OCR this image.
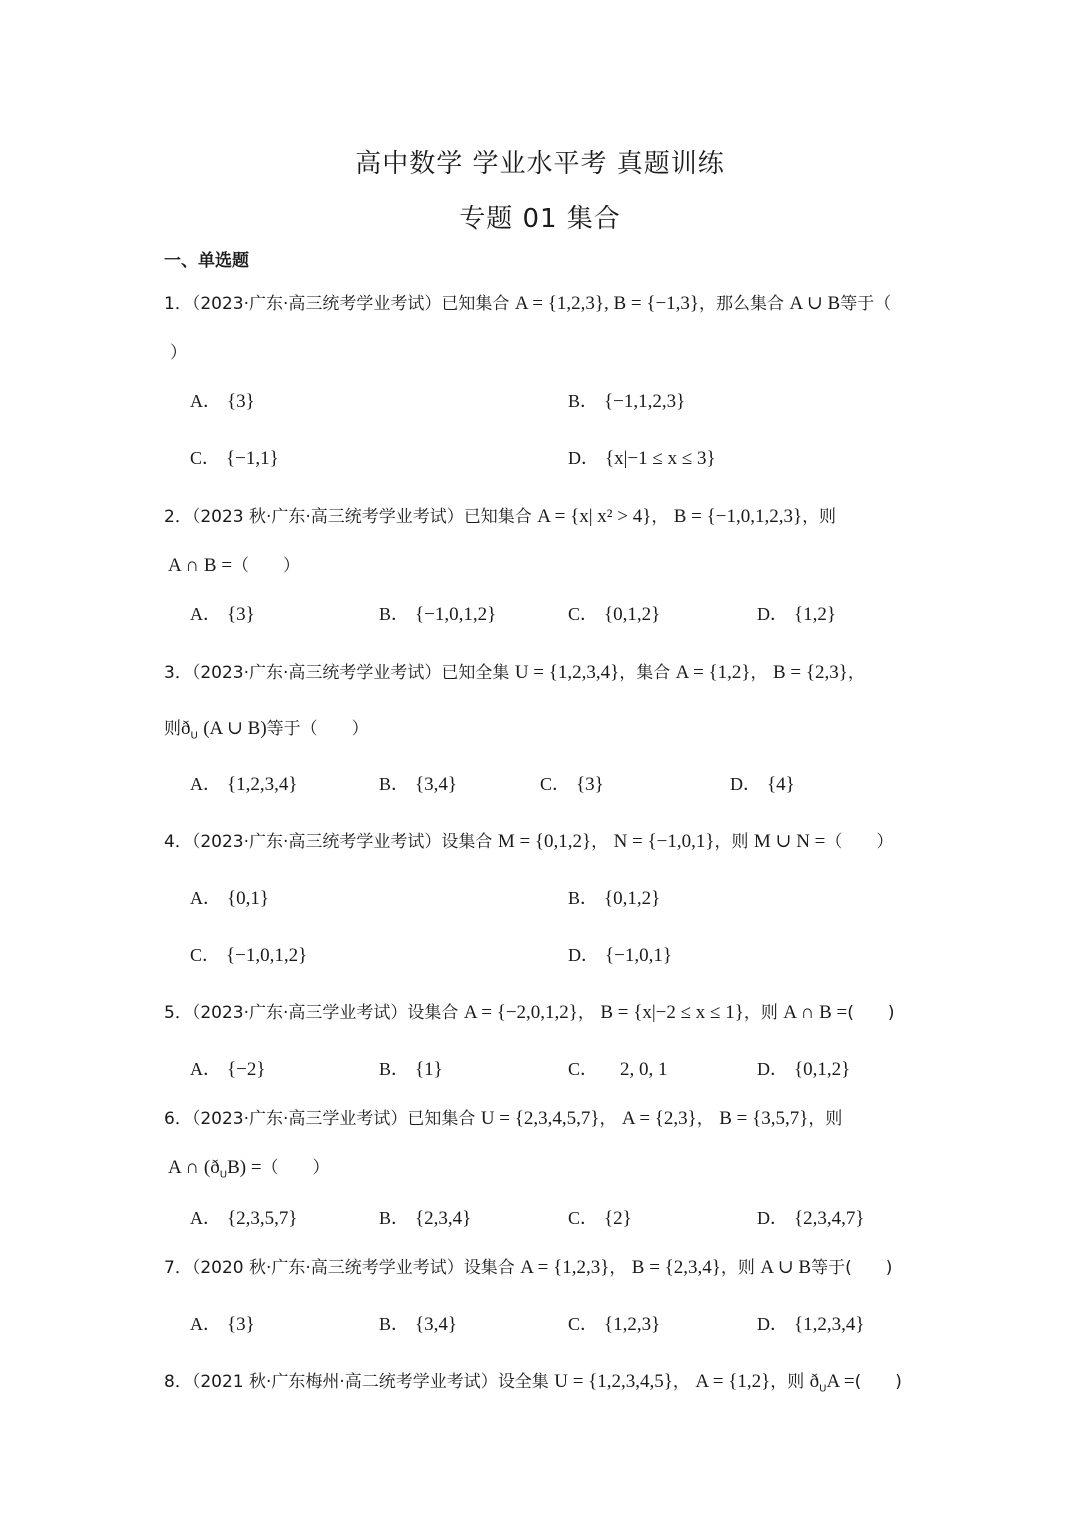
高中数学 学业水平考 真题训练
专题 01 集合
一、单选题
1．（2023·广东·高三统考学业考试）已知集合 A = {1,2,3}, B = {−1,3}，那么集合 A ∪ B等于（
）
A． {3}	B． {−1,1,2,3}
C． {−1,1}	D． {x|−1 ≤ x ≤ 3}
2．（2023 秋·广东·高三统考学业考试）已知集合 A = {x| x² > 4}， B = {−1,0,1,2,3}，则
A ∩ B =（　　）
A． {3}	B． {−1,0,1,2}	C． {0,1,2}	D． {1,2}
3．（2023·广东·高三统考学业考试）已知全集 U = {1,2,3,4}，集合 A = {1,2}， B = {2,3}，
则$ð_U$ (A ∪ B)等于（　　）
A． {1,2,3,4}	B． {3,4}	C． {3}	D． {4}
4．（2023·广东·高三统考学业考试）设集合 M = {0,1,2}， N = {−1,0,1}，则 M ∪ N =（　　）
A． {0,1}	B． {0,1,2}
C． {−1,0,1,2}	D． {−1,0,1}
5．（2023·广东·高三学业考试）设集合 A = {−2,0,1,2}， B = {x|−2 ≤ x ≤ 1}，则 A ∩ B =(　　)
A． {−2}	B． {1}	C． 2, 0, 1	D． {0,1,2}
6．（2023·广东·高三学业考试）已知集合 U = {2,3,4,5,7}， A = {2,3}， B = {3,5,7}，则
A ∩ $(ð_UB)$ =（　　）
A． {2,3,5,7}	B． {2,3,4}	C． {2}	D． {2,3,4,7}
7．（2020 秋·广东·高三统考学业考试）设集合 A = {1,2,3}， B = {2,3,4}，则 A ∪ B等于(　　)
A． {3}	B． {3,4}	C． {1,2,3}	D． {1,2,3,4}
8．（2021 秋·广东梅州·高二统考学业考试）设全集 U = {1,2,3,4,5}， A = {1,2}，则 $ð_UA$ =(　　)
